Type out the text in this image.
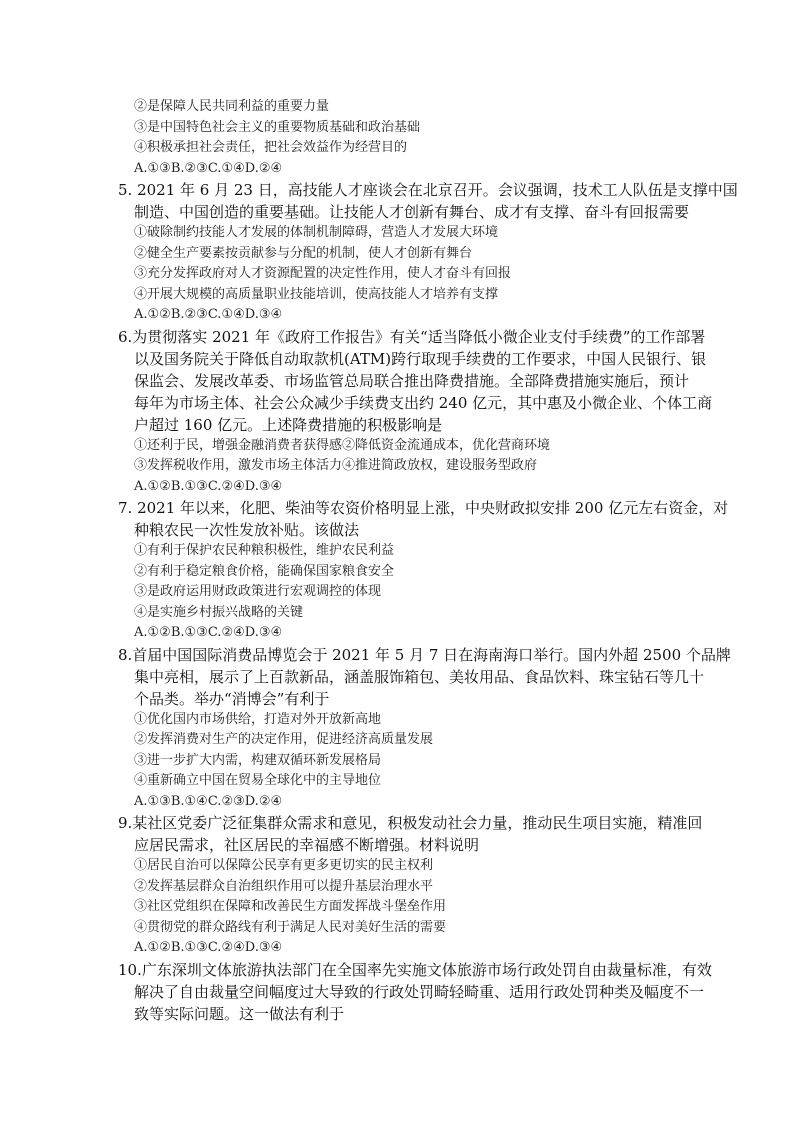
②是保障人民共同利益的重要力量
③是中国特色社会主义的重要物质基础和政治基础
④积极承担社会责任，把社会效益作为经营目的
A.①③B.②③C.①④D.②④
5. 2021 年 6 月 23 日，高技能人才座谈会在北京召开。会议强调，技术工人队伍是支撑中国
制造、中国创造的重要基础。让技能人才创新有舞台、成才有支撑、奋斗有回报需要
①破除制约技能人才发展的体制机制障碍，营造人才发展大环境
②健全生产要素按贡献参与分配的机制，使人才创新有舞台
③充分发挥政府对人才资源配置的决定性作用，使人才奋斗有回报
④开展大规模的高质量职业技能培训，使高技能人才培养有支撑
A.①②B.②③C.①④D.③④
6.为贯彻落实 2021 年《政府工作报告》有关“适当降低小微企业支付手续费”的工作部署
以及国务院关于降低自动取款机(ATM)跨行取现手续费的工作要求，中国人民银行、银
保监会、发展改革委、市场监管总局联合推出降费措施。全部降费措施实施后，预计
每年为市场主体、社会公众减少手续费支出约 240 亿元，其中惠及小微企业、个体工商
户超过 160 亿元。上述降费措施的积极影响是
①还利于民，增强金融消费者获得感②降低资金流通成本，优化营商环境
③发挥税收作用，激发市场主体活力④推进简政放权，建设服务型政府
A.①②B.①③C.②④D.③④
7. 2021 年以来，化肥、柴油等农资价格明显上涨，中央财政拟安排 200 亿元左右资金，对
种粮农民一次性发放补贴。该做法
①有利于保护农民种粮积极性，维护农民利益
②有利于稳定粮食价格，能确保国家粮食安全
③是政府运用财政政策进行宏观调控的体现
④是实施乡村振兴战略的关键
A.①②B.①③C.②④D.③④
8.首届中国国际消费品博览会于 2021 年 5 月 7 日在海南海口举行。国内外超 2500 个品牌
集中亮相，展示了上百款新品，涵盖服饰箱包、美妆用品、食品饮料、珠宝钻石等几十
个品类。举办“消博会”有利于
①优化国内市场供给，打造对外开放新高地
②发挥消费对生产的决定作用，促进经济高质量发展
③进一步扩大内需，构建双循环新发展格局
④重新确立中国在贸易全球化中的主导地位
A.①③B.①④C.②③D.②④
9.某社区党委广泛征集群众需求和意见，积极发动社会力量，推动民生项目实施，精准回
应居民需求，社区居民的幸福感不断增强。材料说明
①居民自治可以保障公民享有更多更切实的民主权利
②发挥基层群众自治组织作用可以提升基层治理水平
③社区党组织在保障和改善民生方面发挥战斗堡垒作用
④贯彻党的群众路线有利于满足人民对美好生活的需要
A.①②B.①③C.②④D.③④
10.广东深圳文体旅游执法部门在全国率先实施文体旅游市场行政处罚自由裁量标准，有效
解决了自由裁量空间幅度过大导致的行政处罚畸轻畸重、适用行政处罚种类及幅度不一
致等实际问题。这一做法有利于
